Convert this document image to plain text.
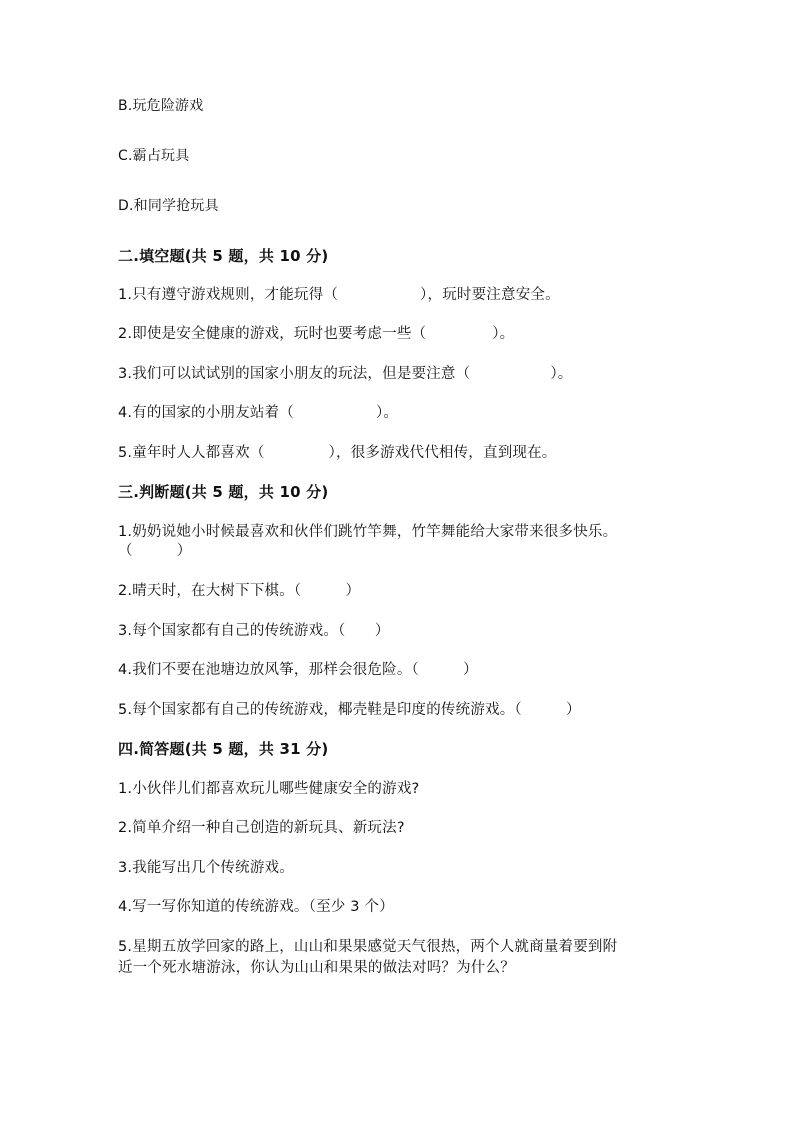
B.玩危险游戏
C.霸占玩具
D.和同学抢玩具
二.填空题(共 5 题，共 10 分)
1.只有遵守游戏规则，才能玩得（	），玩时要注意安全。
2.即使是安全健康的游戏，玩时也要考虑一些（	）。
3.我们可以试试别的国家小朋友的玩法，但是要注意（	）。
4.有的国家的小朋友站着（	）。
5.童年时人人都喜欢（	），很多游戏代代相传，直到现在。
三.判断题(共 5 题，共 10 分)
1.奶奶说她小时候最喜欢和伙伴们跳竹竿舞，竹竿舞能给大家带来很多快乐。
（　　　）
2.晴天时，在大树下下棋。（　　　）
3.每个国家都有自己的传统游戏。（　　）
4.我们不要在池塘边放风筝，那样会很危险。（　　　）
5.每个国家都有自己的传统游戏，椰壳鞋是印度的传统游戏。（　　　）
四.简答题(共 5 题，共 31 分)
1.小伙伴儿们都喜欢玩儿哪些健康安全的游戏?
2.简单介绍一种自己创造的新玩具、新玩法?
3.我能写出几个传统游戏。
4.写一写你知道的传统游戏。（至少 3 个）
5.星期五放学回家的路上，山山和果果感觉天气很热，两个人就商量着要到附
近一个死水塘游泳，你认为山山和果果的做法对吗？为什么？
